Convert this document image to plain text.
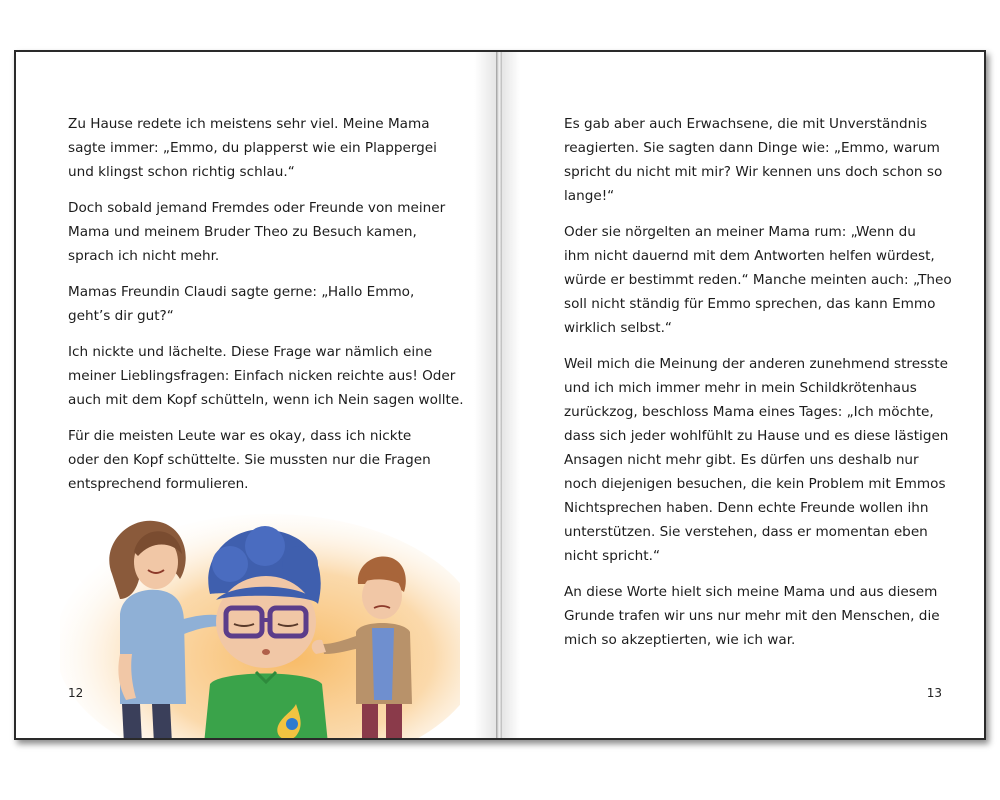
Zu Hause redete ich meistens sehr viel. Meine Mama
sagte immer: „Emmo, du plapperst wie ein Plappergei
und klingst schon richtig schlau.“

Doch sobald jemand Fremdes oder Freunde von meiner
Mama und meinem Bruder Theo zu Besuch kamen,
sprach ich nicht mehr.

Mamas Freundin Claudi sagte gerne: „Hallo Emmo,
geht’s dir gut?“

Ich nickte und lächelte. Diese Frage war nämlich eine
meiner Lieblingsfragen: Einfach nicken reichte aus! Oder
auch mit dem Kopf schütteln, wenn ich Nein sagen wollte.

Für die meisten Leute war es okay, dass ich nickte
oder den Kopf schüttelte. Sie mussten nur die Fragen
entsprechend formulieren.

12

Es gab aber auch Erwachsene, die mit Unverständnis
reagierten. Sie sagten dann Dinge wie: „Emmo, warum
spricht du nicht mit mir? Wir kennen uns doch schon so
lange!“

Oder sie nörgelten an meiner Mama rum: „Wenn du
ihm nicht dauernd mit dem Antworten helfen würdest,
würde er bestimmt reden.“ Manche meinten auch: „Theo
soll nicht ständig für Emmo sprechen, das kann Emmo
wirklich selbst.“

Weil mich die Meinung der anderen zunehmend stresste
und ich mich immer mehr in mein Schildkrötenhaus
zurückzog, beschloss Mama eines Tages: „Ich möchte,
dass sich jeder wohlfühlt zu Hause und es diese lästigen
Ansagen nicht mehr gibt. Es dürfen uns deshalb nur
noch diejenigen besuchen, die kein Problem mit Emmos
Nichtsprechen haben. Denn echte Freunde wollen ihn
unterstützen. Sie verstehen, dass er momentan eben
nicht spricht.“

An diese Worte hielt sich meine Mama und aus diesem
Grunde trafen wir uns nur mehr mit den Menschen, die
mich so akzeptierten, wie ich war.

13
